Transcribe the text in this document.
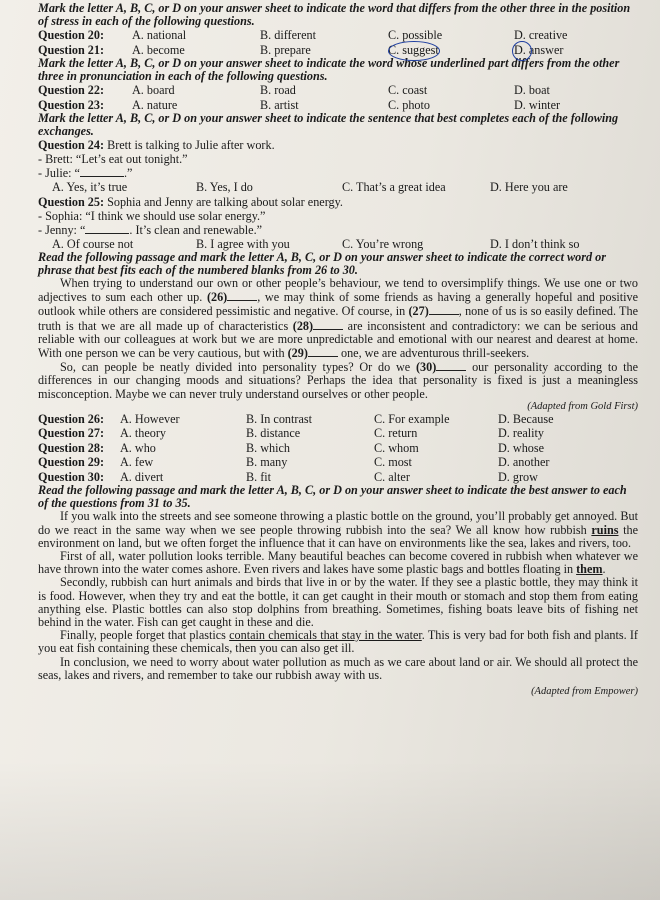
Mark the letter A, B, C, or D on your answer sheet to indicate the word that differs from the other three in the position of stress in each of the following questions.

Question 20: A. national	B. different	C. possible	D. creative
Question 21: A. become	B. prepare	C. suggest	D. answer

Mark the letter A, B, C, or D on your answer sheet to indicate the word whose underlined part differs from the other three in pronunciation in each of the following questions.

Question 22: A. board	B. road	C. coast	D. boat
Question 23: A. nature	B. artist	C. photo	D. winter

Mark the letter A, B, C, or D on your answer sheet to indicate the sentence that best completes each of the following exchanges.

Question 24: Brett is talking to Julie after work.

- Brett: “Let’s eat out tonight.”

- Julie: “	.”

A. Yes, it’s true	B. Yes, I do	C. That’s a great idea	D. Here you are

Question 25: Sophia and Jenny are talking about solar energy.

- Sophia: “I think we should use solar energy.”

- Jenny: “	. It’s clean and renewable.”

A. Of course not	B. I agree with you	C. You’re wrong	D. I don’t think so

Read the following passage and mark the letter A, B, C, or D on your answer sheet to indicate the correct word or phrase that best fits each of the numbered blanks from 26 to 30.

When trying to understand our own or other people’s behaviour, we tend to oversimplify things. We use one or two adjectives to sum each other up. (26) , we may think of some friends as having a generally hopeful and positive outlook while others are considered pessimistic and negative. Of course, in (27) , none of us is so easily defined. The truth is that we are all made up of characteristics (28) are inconsistent and contradictory: we can be serious and reliable with our colleagues at work but we are more unpredictable and emotional with our nearest and dearest at home. With one person we can be very cautious, but with (29) one, we are adventurous thrill-seekers.

So, can people be neatly divided into personality types? Or do we (30) our personality according to the differences in our changing moods and situations? Perhaps the idea that personality is fixed is just a meaningless misconception. Maybe we can never truly understand ourselves or other people.

(Adapted from Gold First)

Question 26: A. However	B. In contrast	C. For example	D. Because
Question 27: A. theory	B. distance	C. return	D. reality
Question 28: A. who	B. which	C. whom	D. whose
Question 29: A. few	B. many	C. most	D. another
Question 30: A. divert	B. fit	C. alter	D. grow

Read the following passage and mark the letter A, B, C, or D on your answer sheet to indicate the best answer to each of the questions from 31 to 35.

If you walk into the streets and see someone throwing a plastic bottle on the ground, you’ll probably get annoyed. But do we react in the same way when we see people throwing rubbish into the sea? We all know how rubbish ruins the environment on land, but we often forget the influence that it can have on environments like the sea, lakes and rivers, too.

First of all, water pollution looks terrible. Many beautiful beaches can become covered in rubbish when whatever we have thrown into the water comes ashore. Even rivers and lakes have some plastic bags and bottles floating in them.

Secondly, rubbish can hurt animals and birds that live in or by the water. If they see a plastic bottle, they may think it is food. However, when they try and eat the bottle, it can get caught in their mouth or stomach and stop them from eating anything else. Plastic bottles can also stop dolphins from breathing. Sometimes, fishing boats leave bits of fishing net behind in the water. Fish can get caught in these and die.

Finally, people forget that plastics contain chemicals that stay in the water. This is very bad for both fish and plants. If you eat fish containing these chemicals, then you can also get ill.

In conclusion, we need to worry about water pollution as much as we care about land or air. We should all protect the seas, lakes and rivers, and remember to take our rubbish away with us.

(Adapted from Empower)
